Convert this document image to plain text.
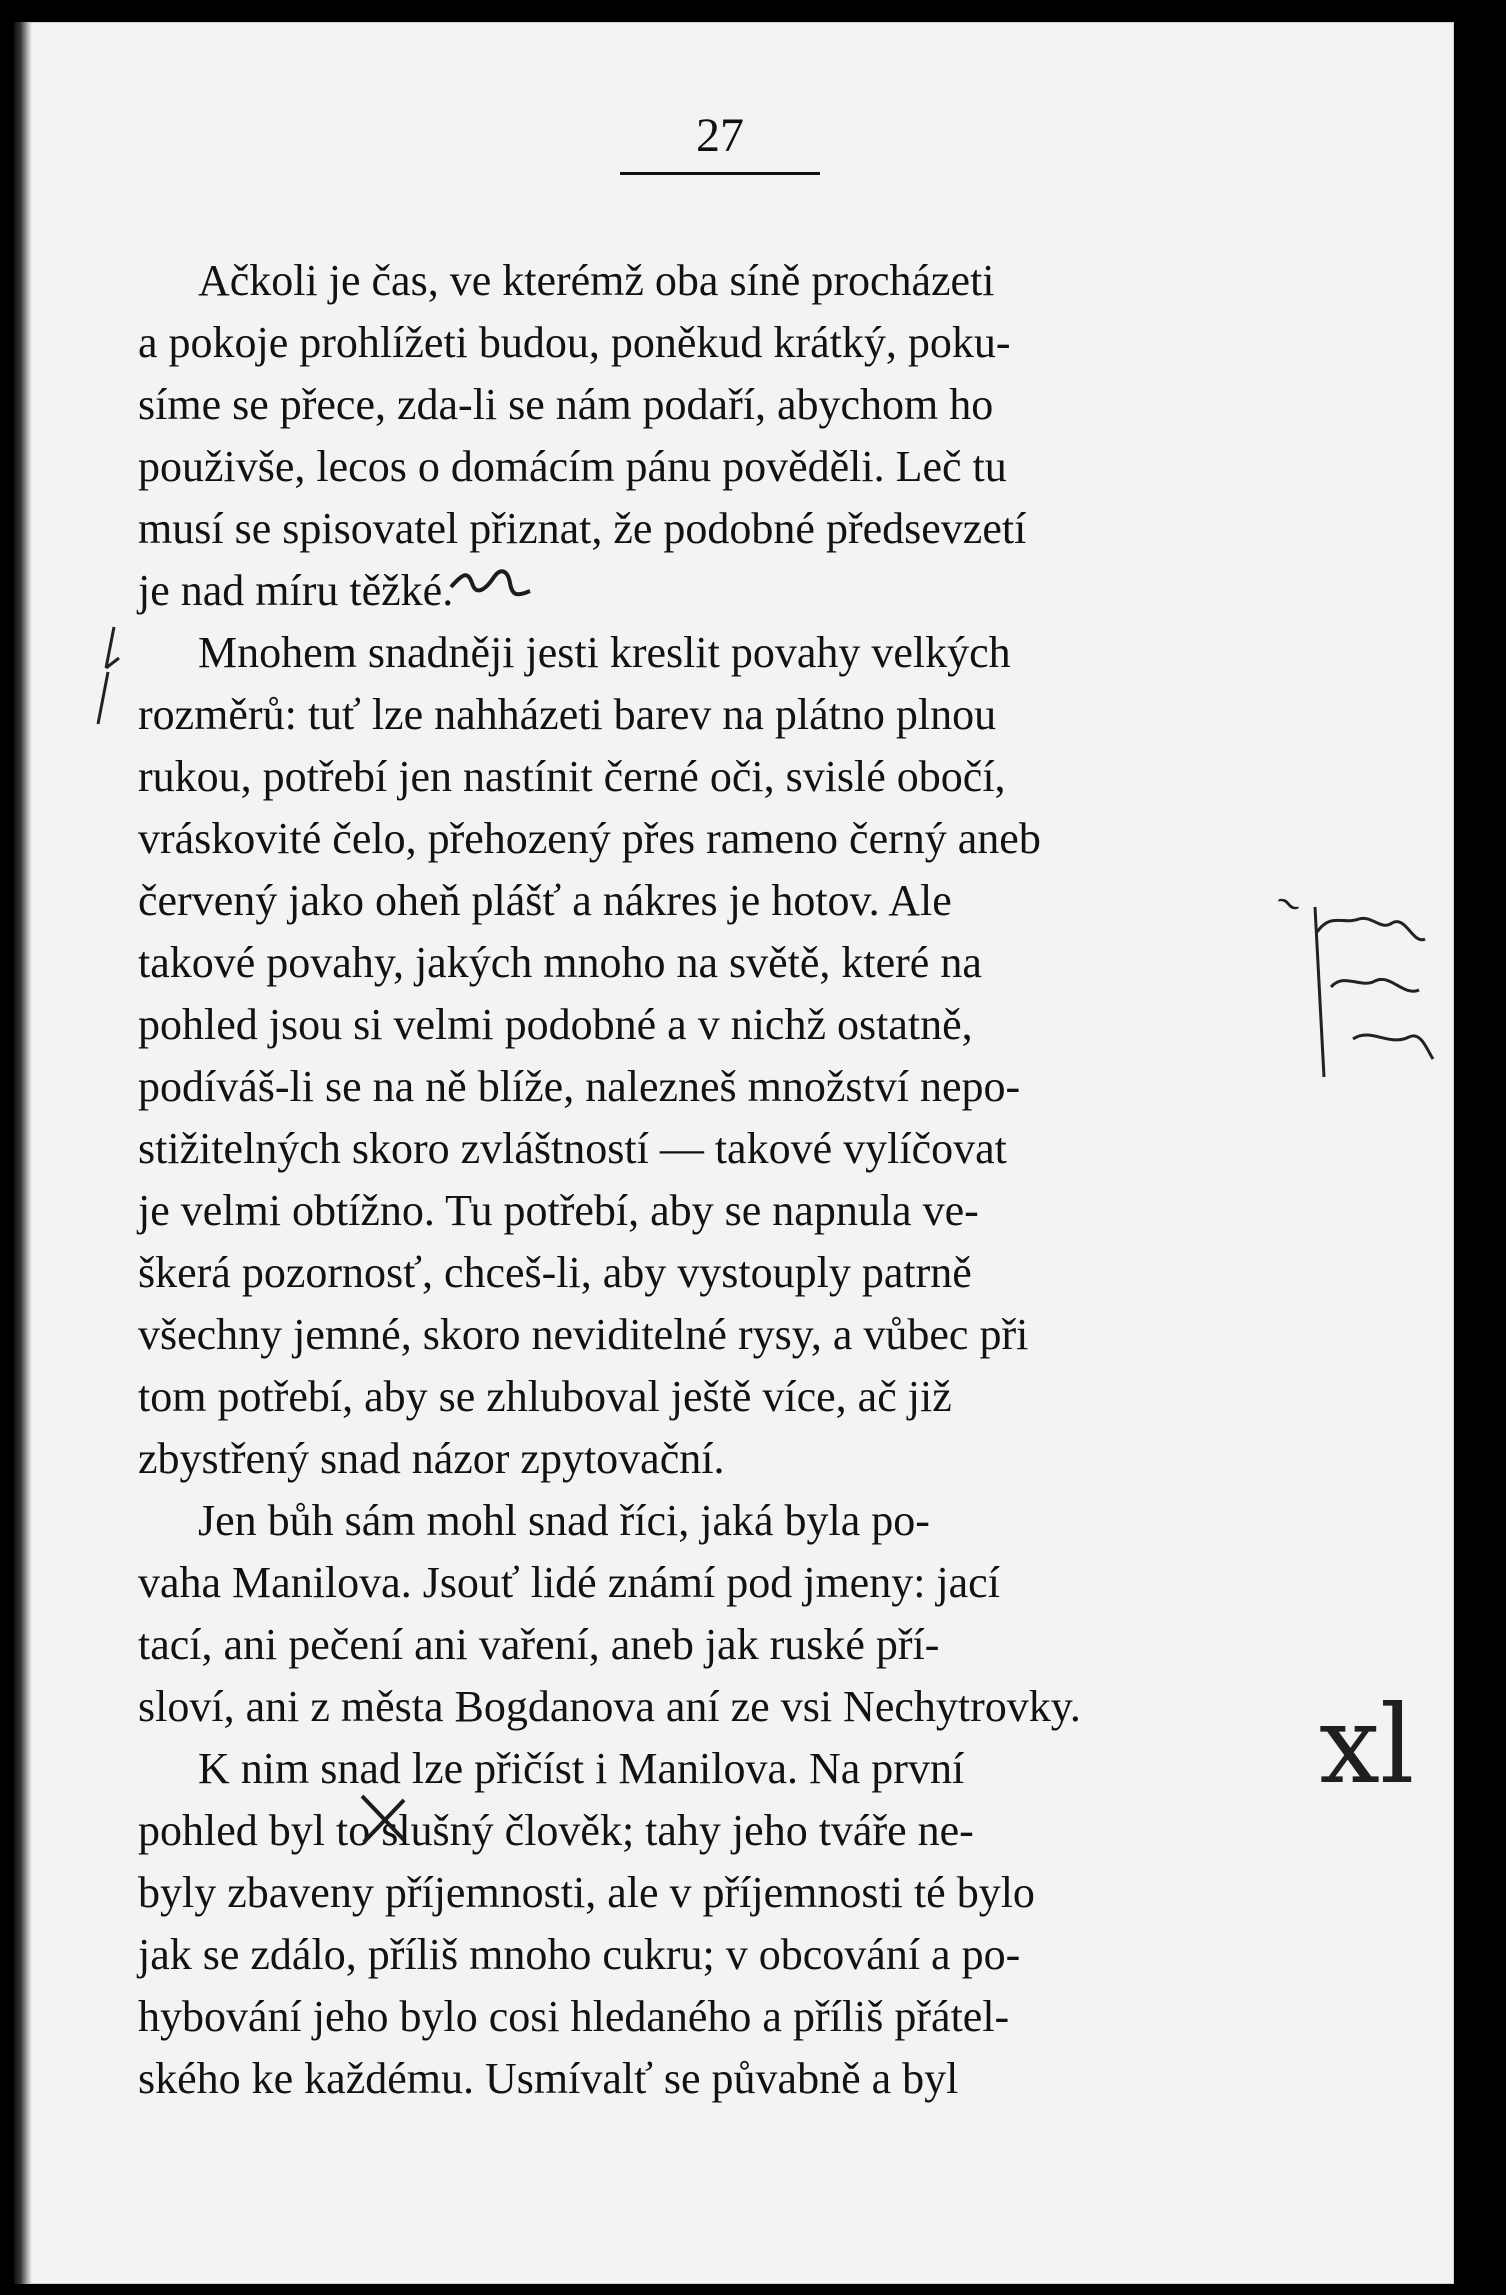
27
Ačkoli je čas, ve kterémž oba síně procházeti
a pokoje prohlížeti budou, poněkud krátký, poku-
síme se přece, zda-li se nám podaří, abychom ho
použivše, lecos o domácím pánu pověděli. Leč tu
musí se spisovatel přiznat, že podobné předsevzetí
je nad míru těžké.
Mnohem snadněji jesti kreslit povahy velkých
rozměrů: tuť lze nahházeti barev na plátno plnou
rukou, potřebí jen nastínit černé oči, svislé obočí,
vráskovité čelo, přehozený přes rameno černý aneb
červený jako oheň plášť a nákres je hotov. Ale
takové povahy, jakých mnoho na světě, které na
pohled jsou si velmi podobné a v nichž ostatně,
podíváš-li se na ně blíže, nalezneš množství nepo-
stižitelných skoro zvláštností — takové vylíčovat
je velmi obtížno. Tu potřebí, aby se napnula ve-
škerá pozornosť, chceš-li, aby vystouply patrně
všechny jemné, skoro neviditelné rysy, a vůbec při
tom potřebí, aby se zhluboval ještě více, ač již
zbystřený snad názor zpytovační.
Jen bůh sám mohl snad říci, jaká byla po-
vaha Manilova. Jsouť lidé známí pod jmeny: jací
tací, ani pečení ani vaření, aneb jak ruské pří-
sloví, ani z města Bogdanova aní ze vsi Nechytrovky.
K nim snad lze přičíst i Manilova. Na první
pohled byl to slušný člověk; tahy jeho tváře ne-
byly zbaveny příjemnosti, ale v příjemnosti té bylo
jak se zdálo, příliš mnoho cukru; v obcování a po-
hybování jeho bylo cosi hledaného a příliš přátel-
ského ke každému. Usmívalť se půvabně a byl
~
xl
